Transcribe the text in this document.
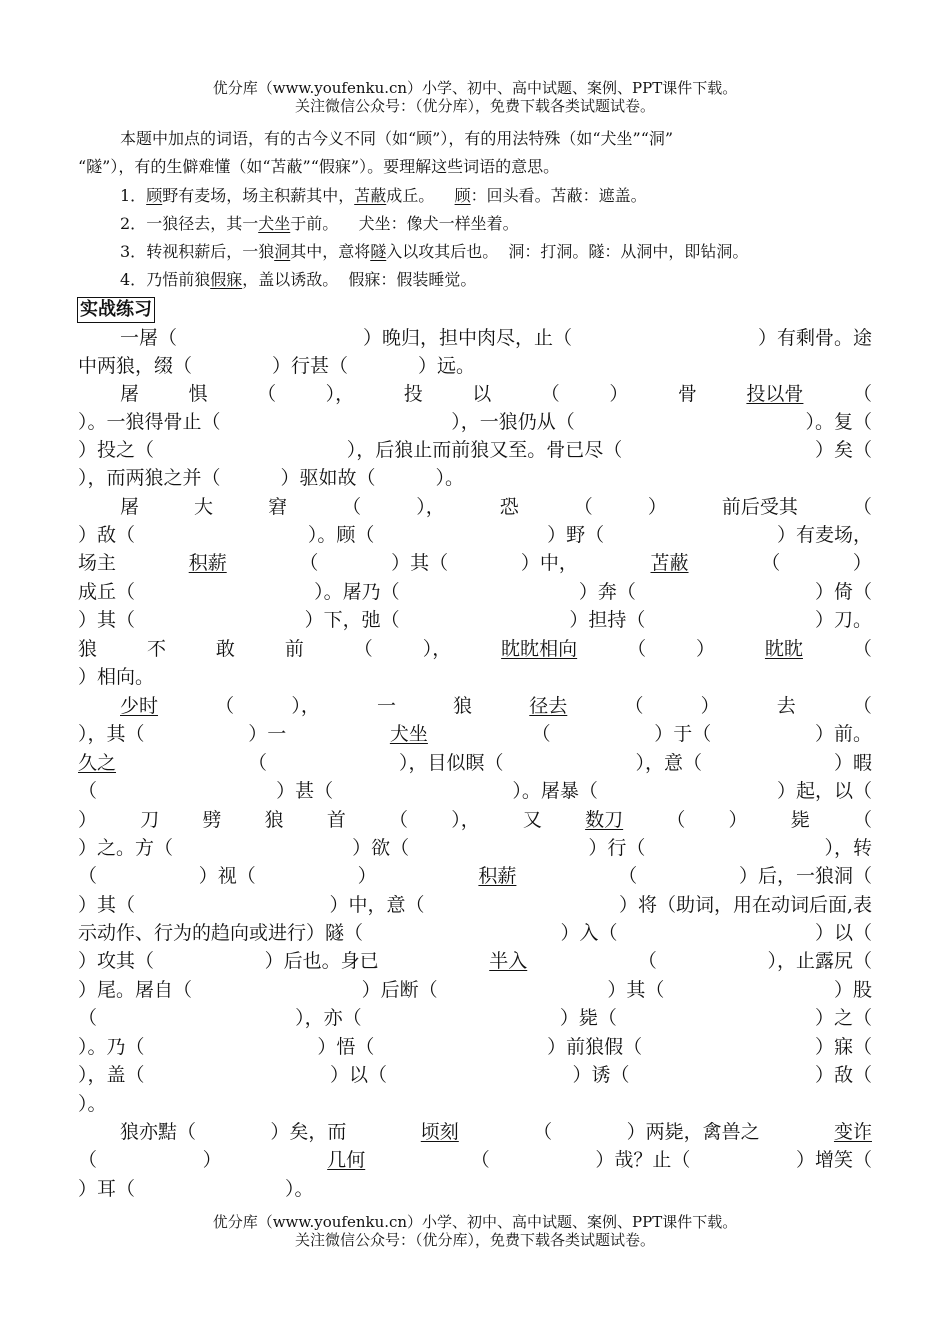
优分库（www.youfenku.cn）小学、初中、高中试题、案例、PPT课件下载。
关注微信公众号：（优分库），免费下载各类试题试卷。
本题中加点的词语，有的古今义不同（如“顾”），有的用法特殊（如“犬坐”“洞”
“隧”），有的生僻难懂（如“苫蔽”“假寐”）。要理解这些词语的意思。
1．顾野有麦场，场主积薪其中，苫蔽成丘。    顾：回头看。苫蔽：遮盖。
2．一狼径去，其一犬坐于前。    犬坐：像犬一样坐着。
3．转视积薪后，一狼洞其中，意将隧入以攻其后也。  洞：打洞。隧：从洞中，即钻洞。
4．乃悟前狼假寐，盖以诱敌。  假寐：假装睡觉。
实战练习
一屠（	）晚归，担中肉尽，止（	）有剩骨。途
中两狼，缀（	）行甚（	）远。
屠	惧	（	），	投	以	（	）	骨	投以骨	（
）。一狼得骨止（	），一狼仍从（	）。复（
）投之（	），后狼止而前狼又至。骨已尽（	）矣（
），而两狼之并（	）驱如故（	）。
屠	大	窘	（	），	恐	（	）	前后受其	（
）敌（	）。顾（	）野（	）有麦场，
场主	积薪	（	）其（	）中，	苫蔽	（	）
成丘（	）。屠乃（	）奔（	）倚（
）其（	）下，弛（	）担持（	）刀。
狼	不	敢	前	（	），	眈眈相向	（	）	眈眈	（
）相向。
少时	（	），	一	狼	径去	（	）	去	（
），其（	）一	犬坐	（	）于（	）前。
久之	（	），目似瞑（	），意（	）暇
（	）甚（	）。屠暴（	）起，以（
） 刀 劈 狼 首 （ ）， 又 数刀 （ ） 毙 （
）之。方（	）欲（	）行（	），转
（	）视（	）	积薪	（	）后，一狼洞（
）其（	）中，意（	）将（助词，用在动词后面,表
示动作、行为的趋向或进行）隧（	）入（	）以（
）攻其（	）后也。身已	半入	（	），止露尻（
）尾。屠自（	）后断（	）其（	）股
（	），亦（	）毙（	）之（
）。乃（	）悟（	）前狼假（	）寐（
），盖（	）以（	）诱（	）敌（
）。
狼亦黠（	）矣，而	顷刻	（	）两毙，禽兽之	变诈
（	）	几何	（	）哉？止（	）增笑（
）耳（	）。
优分库（www.youfenku.cn）小学、初中、高中试题、案例、PPT课件下载。
关注微信公众号：（优分库），免费下载各类试题试卷。
